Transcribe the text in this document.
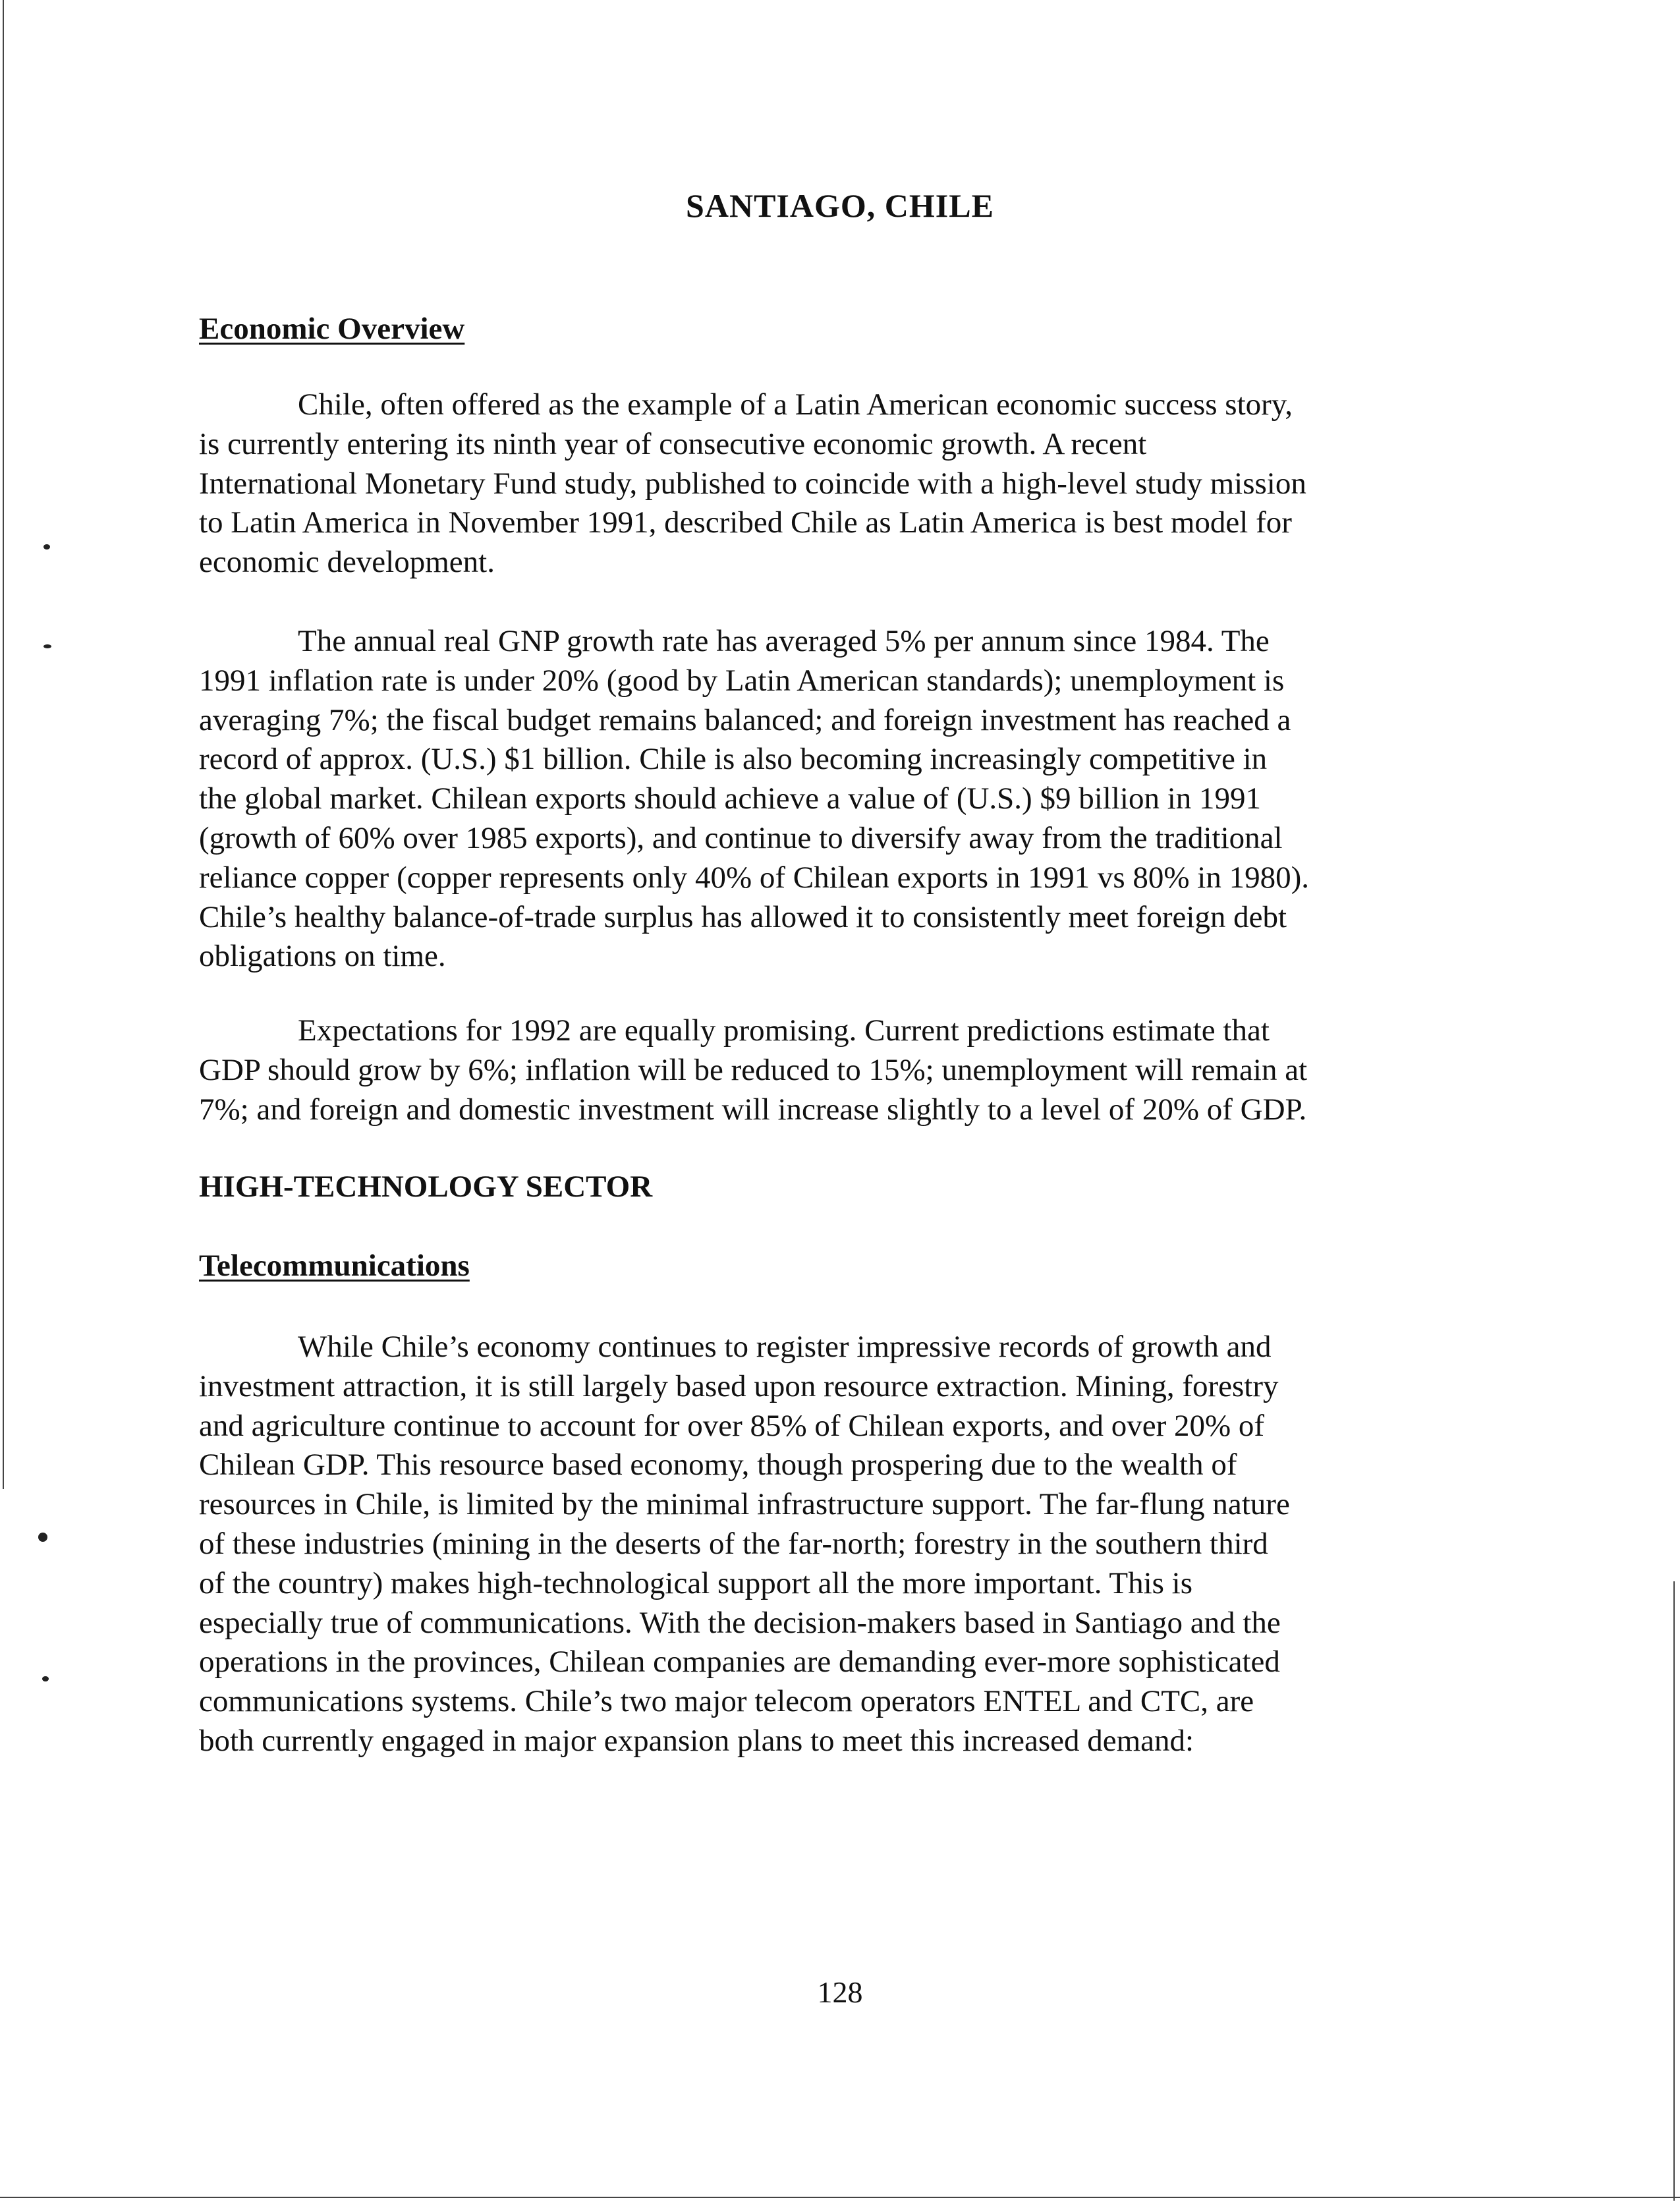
SANTIAGO, CHILE
Economic Overview
Chile, often offered as the example of a Latin American economic success story,
is currently entering its ninth year of consecutive economic growth. A recent
International Monetary Fund study, published to coincide with a high-level study mission
to Latin America in November 1991, described Chile as Latin America is best model for
economic development.
The annual real GNP growth rate has averaged 5% per annum since 1984. The
1991 inflation rate is under 20% (good by Latin American standards); unemployment is
averaging 7%; the fiscal budget remains balanced; and foreign investment has reached a
record of approx. (U.S.) $1 billion. Chile is also becoming increasingly competitive in
the global market. Chilean exports should achieve a value of (U.S.) $9 billion in 1991
(growth of 60% over 1985 exports), and continue to diversify away from the traditional
reliance copper (copper represents only 40% of Chilean exports in 1991 vs 80% in 1980).
Chile’s healthy balance-of-trade surplus has allowed it to consistently meet foreign debt
obligations on time.
Expectations for 1992 are equally promising. Current predictions estimate that
GDP should grow by 6%; inflation will be reduced to 15%; unemployment will remain at
7%; and foreign and domestic investment will increase slightly to a level of 20% of GDP.
HIGH-TECHNOLOGY SECTOR
Telecommunications
While Chile’s economy continues to register impressive records of growth and
investment attraction, it is still largely based upon resource extraction. Mining, forestry
and agriculture continue to account for over 85% of Chilean exports, and over 20% of
Chilean GDP. This resource based economy, though prospering due to the wealth of
resources in Chile, is limited by the minimal infrastructure support. The far-flung nature
of these industries (mining in the deserts of the far-north; forestry in the southern third
of the country) makes high-technological support all the more important. This is
especially true of communications. With the decision-makers based in Santiago and the
operations in the provinces, Chilean companies are demanding ever-more sophisticated
communications systems. Chile’s two major telecom operators ENTEL and CTC, are
both currently engaged in major expansion plans to meet this increased demand:
128
